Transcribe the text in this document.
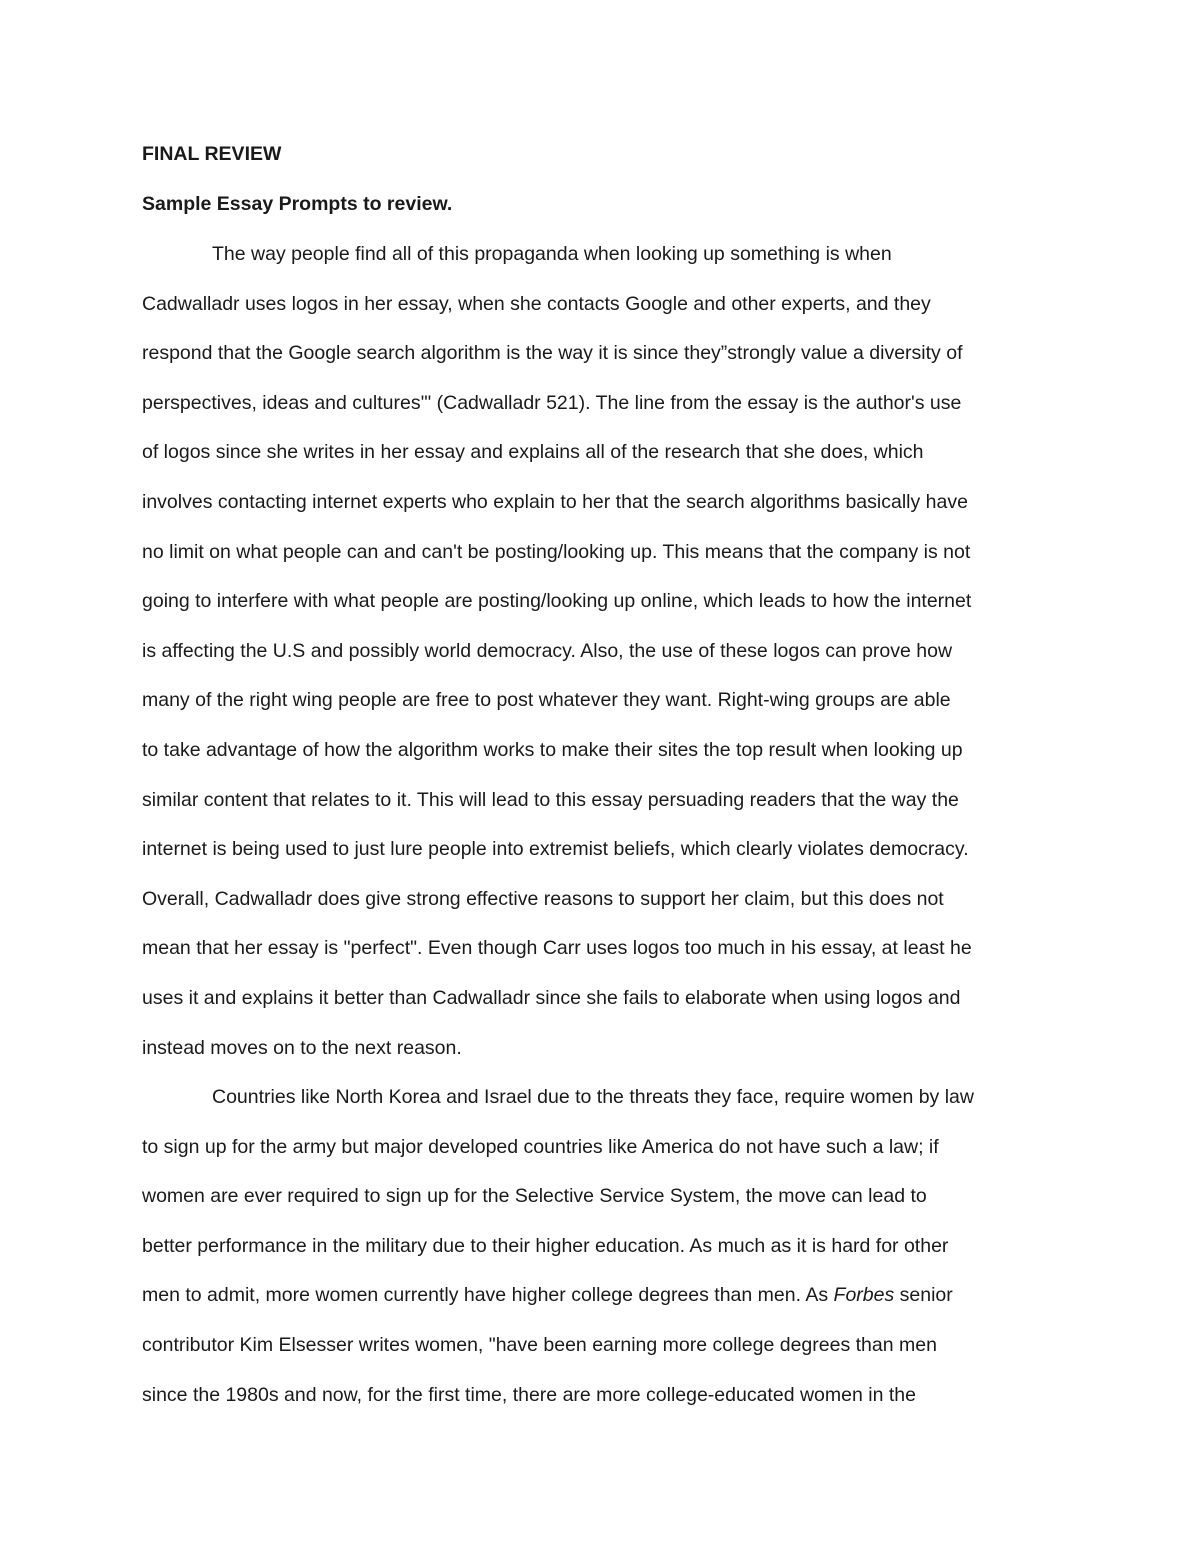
FINAL REVIEW
Sample Essay Prompts to review.
The way people find all of this propaganda when looking up something is when
Cadwalladr uses logos in her essay, when she contacts Google and other experts, and they
respond that the Google search algorithm is the way it is since they”strongly value a diversity of
perspectives, ideas and cultures'" (Cadwalladr 521). The line from the essay is the author's use
of logos since she writes in her essay and explains all of the research that she does, which
involves contacting internet experts who explain to her that the search algorithms basically have
no limit on what people can and can't be posting/looking up. This means that the company is not
going to interfere with what people are posting/looking up online, which leads to how the internet
is affecting the U.S and possibly world democracy. Also, the use of these logos can prove how
many of the right wing people are free to post whatever they want. Right-wing groups are able
to take advantage of how the algorithm works to make their sites the top result when looking up
similar content that relates to it. This will lead to this essay persuading readers that the way the
internet is being used to just lure people into extremist beliefs, which clearly violates democracy.
Overall, Cadwalladr does give strong effective reasons to support her claim, but this does not
mean that her essay is "perfect". Even though Carr uses logos too much in his essay, at least he
uses it and explains it better than Cadwalladr since she fails to elaborate when using logos and
instead moves on to the next reason.
Countries like North Korea and Israel due to the threats they face, require women by law
to sign up for the army but major developed countries like America do not have such a law; if
women are ever required to sign up for the Selective Service System, the move can lead to
better performance in the military due to their higher education. As much as it is hard for other
men to admit, more women currently have higher college degrees than men. As Forbes senior
contributor Kim Elsesser writes women, "have been earning more college degrees than men
since the 1980s and now, for the first time, there are more college-educated women in the
